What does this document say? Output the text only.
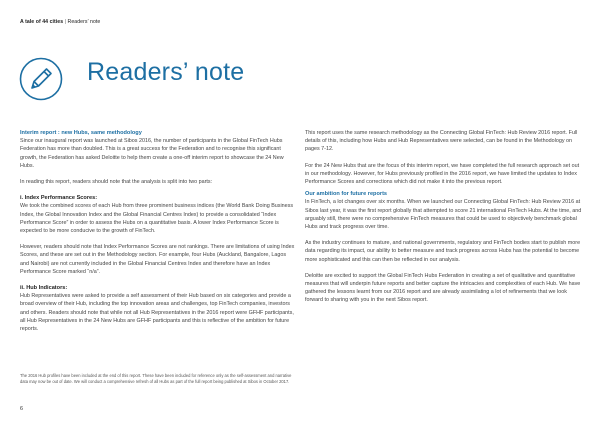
A tale of 44 cities | Readers’ note
Readers’ note
Interim report : new Hubs, same methodology

Since our inaugural report was launched at Sibos 2016, the number of participants in the Global FinTech Hubs Federation has more than doubled. This is a great success for the Federation and to recognise this significant growth, the Federation has asked Deloitte to help them create a one-off interim report to showcase the 24 New Hubs.

In reading this report, readers should note that the analysis is split into two parts:

i. Index Performance Scores:

We took the combined scores of each Hub from three prominent business indices (the World Bank Doing Business Index, the Global Innovation Index and the Global Financial Centres Index) to provide a consolidated “Index Performance Score” in order to assess the Hubs on a quantitative basis. A lower Index Performance Score is expected to be more conducive to the growth of FinTech.

However, readers should note that Index Performance Scores are not rankings. There are limitations of using Index Scores, and these are set out in the Methodology section. For example, four Hubs (Auckland, Bangalore, Lagos and Nairobi) are not currently included in the Global Financial Centres Index and therefore have an Index Performance Score marked “n/a”.

ii. Hub Indicators:

Hub Representatives were asked to provide a self assessment of their Hub based on six categories and provide a broad overview of their Hub, including the top innovation areas and challenges, top FinTech companies, investors and others. Readers should note that while not all Hub Representatives in the 2016 report were GFHF participants, all Hub Representatives in the 24 New Hubs are GFHF participants and this is reflective of the ambition for future reports.

This report uses the same research methodology as the Connecting Global FinTech: Hub Review 2016 report. Full details of this, including how Hubs and Hub Representatives were selected, can be found in the Methodology on pages 7-12.

For the 24 New Hubs that are the focus of this interim report, we have completed the full research approach set out in our methodology. However, for Hubs previously profiled in the 2016 report, we have limited the updates to Index Performance Scores and corrections which did not make it into the previous report.

Our ambition for future reports

In FinTech, a lot changes over six months. When we launched our Connecting Global FinTech: Hub Review 2016 at Sibos last year, it was the first report globally that attempted to score 21 international FinTech Hubs. At the time, and arguably still, there were no comprehensive FinTech measures that could be used to objectively benchmark global Hubs and track progress over time.

As the industry continues to mature, and national governments, regulatory and FinTech bodies start to publish more data regarding its impact, our ability to better measure and track progress across Hubs has the potential to become more sophisticated and this can then be reflected in our analysis.

Deloitte are excited to support the Global FinTech Hubs Federation in creating a set of qualitative and quantitative measures that will underpin future reports and better capture the intricacies and complexities of each Hub. We have gathered the lessons learnt from our 2016 report and are already assimilating a lot of refinements that we look forward to sharing with you in the next Sibos report.

The 2016 Hub profiles have been included at the end of this report. These have been included for reference only as the self-assessment and narrative data may now be out of date. We will conduct a comprehensive refresh of all Hubs as part of the full report being published at Sibos in October 2017.
6
